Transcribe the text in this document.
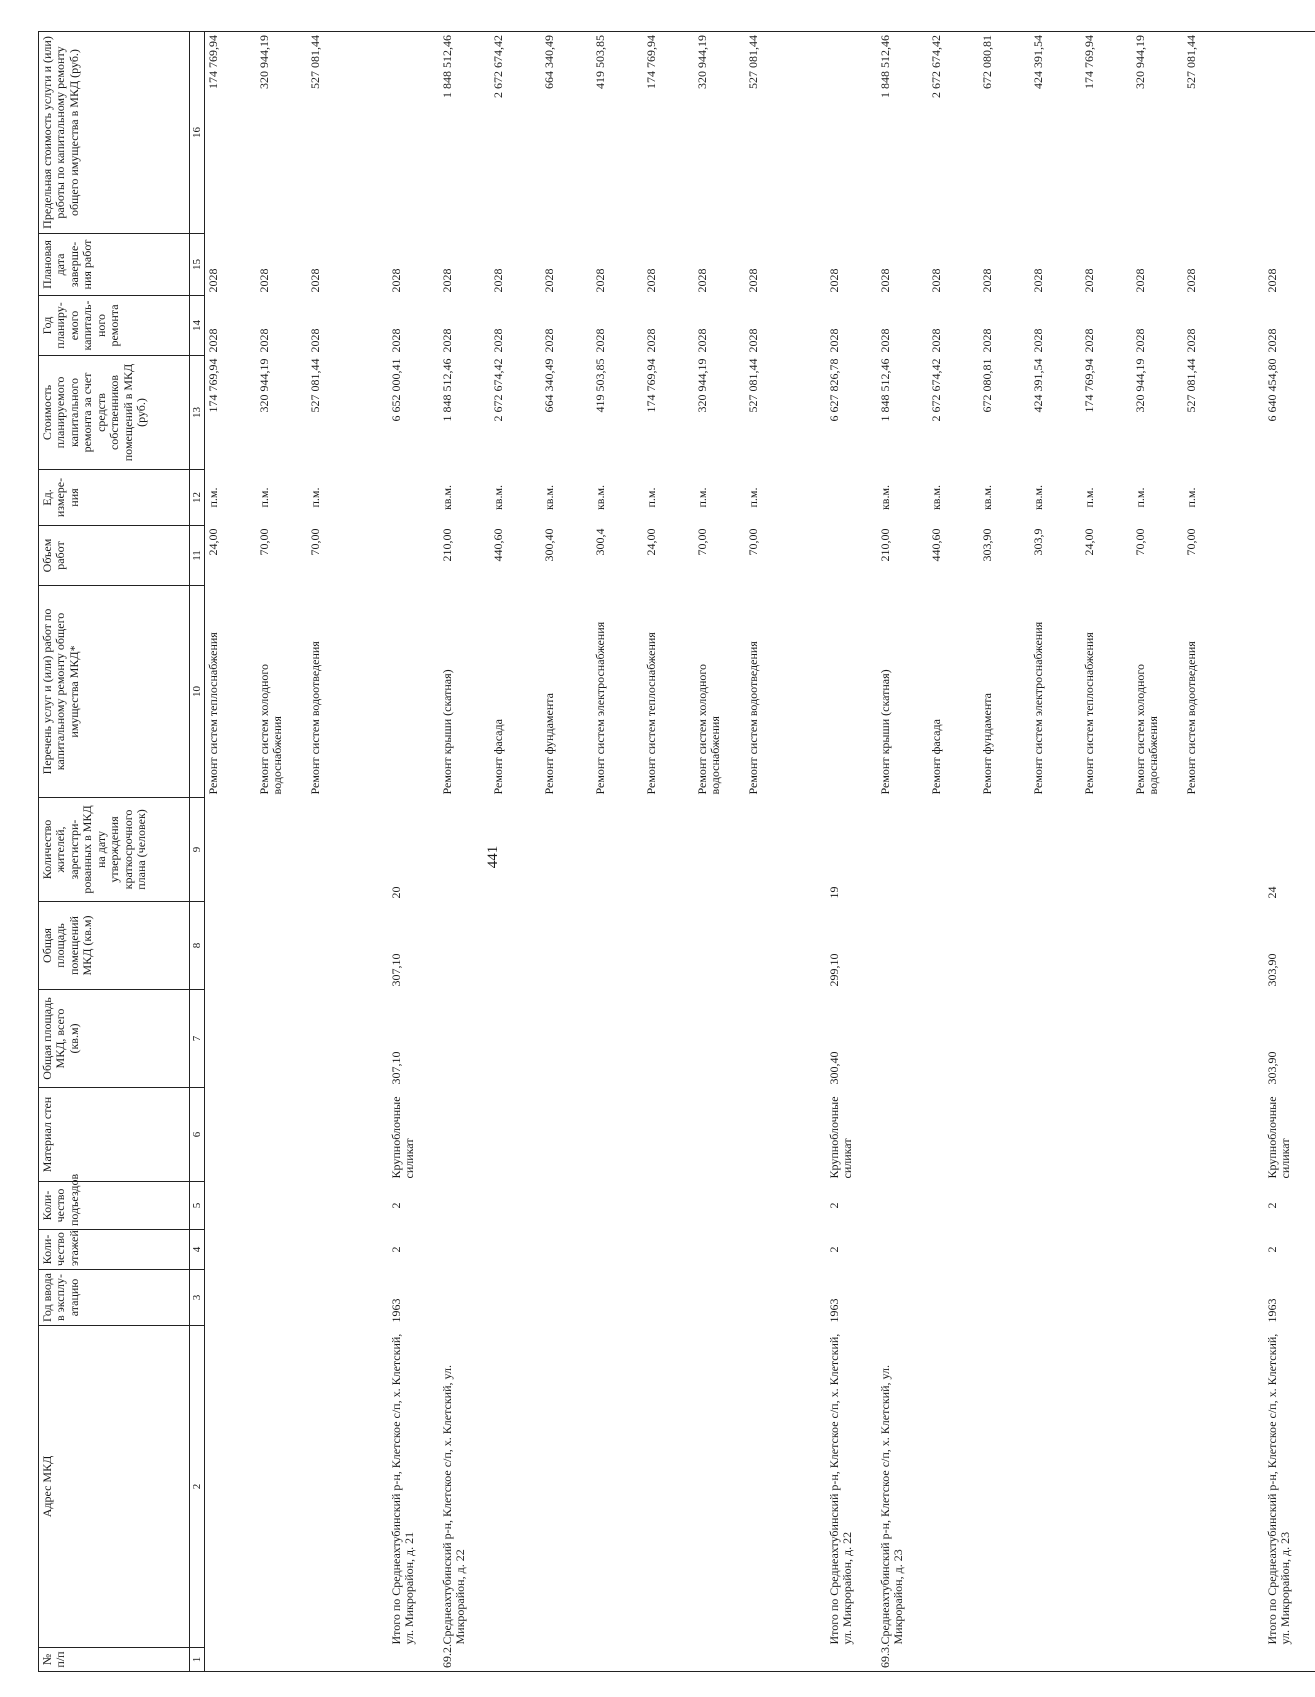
441
№ п/п	Адрес МКД	Год ввода в эксплу-атацию	Коли-чество этажей	Коли-чество подъездов	Материал стен	Общая площадь МКД, всего (кв.м)	Общая площадь помещений МКД (кв.м)	Количество жителей, зарегистри-рованных в МКД на дату утверждения краткосрочного плана (человек)	Перечень услуг и (или) работ по капитальному ремонту общего имущества МКД*	Объем работ	Ед. измере-ния	Стоимость планируемого капитального ремонта за счет средств собственников помещений в МКД (руб.)	Год планиру-емого капиталь-ного ремонта	Плановая дата заверше-ния работ	Предельная стоимость услуги и (или) работы по капитальному ремонту общего имущества в МКД (руб.)
1	2	3	4	5	6	7	8	9	10	11	12	13	14	15	16
									Ремонт систем теплоснабжения	24,00	п.м.	174 769,94	2028	2028	174 769,94
									Ремонт систем холодного водоснабжения	70,00	п.м.	320 944,19	2028	2028	320 944,19
									Ремонт систем водоотведения	70,00	п.м.	527 081,44	2028	2028	527 081,44

	Итого по Среднеахтубинский р-н, Клетское с/п, х. Клетский, ул. Микрорайон, д. 21	1963	2	2	Крупноблочные силикат	307,10	307,10	20				6 652 000,41	2028	2028	
69.2.	Среднеахтубинский р-н, Клетское с/п, х. Клетский, ул. Микрорайон, д. 22								Ремонт крыши (скатная)	210,00	кв.м.	1 848 512,46	2028	2028	1 848 512,46
									Ремонт фасада	440,60	кв.м.	2 672 674,42	2028	2028	2 672 674,42
									Ремонт фундамента	300,40	кв.м.	664 340,49	2028	2028	664 340,49
									Ремонт систем электроснабжения	300,4	кв.м.	419 503,85	2028	2028	419 503,85
									Ремонт систем теплоснабжения	24,00	п.м.	174 769,94	2028	2028	174 769,94
									Ремонт систем холодного водоснабжения	70,00	п.м.	320 944,19	2028	2028	320 944,19
									Ремонт систем водоотведения	70,00	п.м.	527 081,44	2028	2028	527 081,44

	Итого по Среднеахтубинский р-н, Клетское с/п, х. Клетский, ул. Микрорайон, д. 22	1963	2	2	Крупноблочные силикат	300,40	299,10	19				6 627 826,78	2028	2028	
69.3.	Среднеахтубинский р-н, Клетское с/п, х. Клетский, ул. Микрорайон, д. 23								Ремонт крыши (скатная)	210,00	кв.м.	1 848 512,46	2028	2028	1 848 512,46
									Ремонт фасада	440,60	кв.м.	2 672 674,42	2028	2028	2 672 674,42
									Ремонт фундамента	303,90	кв.м.	672 080,81	2028	2028	672 080,81
									Ремонт систем электроснабжения	303,9	кв.м.	424 391,54	2028	2028	424 391,54
									Ремонт систем теплоснабжения	24,00	п.м.	174 769,94	2028	2028	174 769,94
									Ремонт систем холодного водоснабжения	70,00	п.м.	320 944,19	2028	2028	320 944,19
									Ремонт систем водоотведения	70,00	п.м.	527 081,44	2028	2028	527 081,44

	Итого по Среднеахтубинский р-н, Клетское с/п, х. Клетский, ул. Микрорайон, д. 23	1963	2	2	Крупноблочные силикат	303,90	303,90	24				6 640 454,80	2028	2028	
